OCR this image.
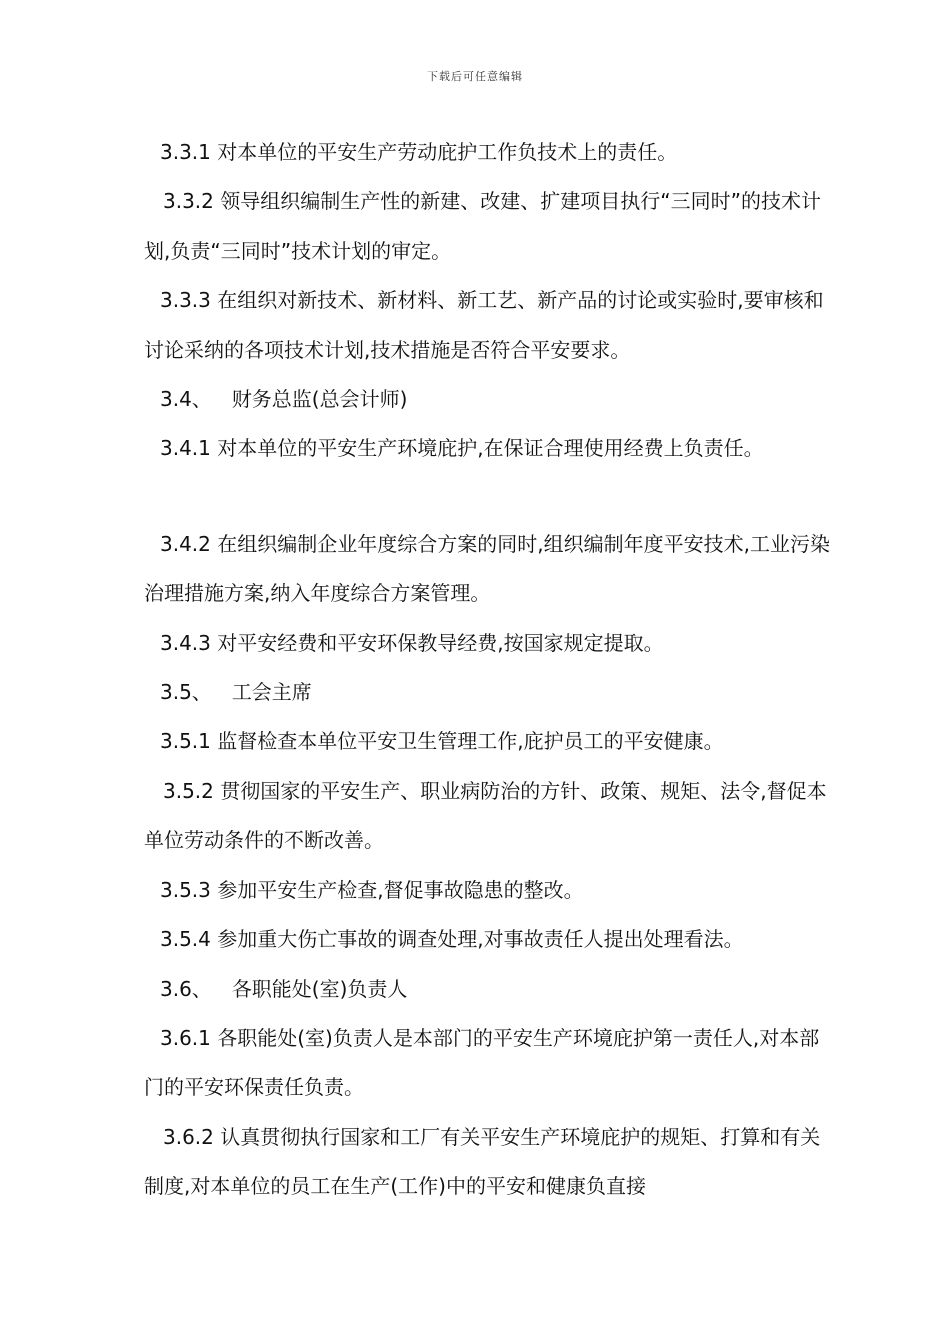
下载后可任意编辑

3.3.1 对本单位的平安生产劳动庇护工作负技术上的责任。

3.3.2 领导组织编制生产性的新建、改建、扩建项目执行“三同时”的技术计划,负责“三同时”技术计划的审定。

3.3.3 在组织对新技术、新材料、新工艺、新产品的讨论或实验时,要审核和讨论采纳的各项技术计划,技术措施是否符合平安要求。

3.4、 财务总监(总会计师)

3.4.1 对本单位的平安生产环境庇护,在保证合理使用经费上负责任。

3.4.2 在组织编制企业年度综合方案的同时,组织编制年度平安技术,工业污染治理措施方案,纳入年度综合方案管理。

3.4.3 对平安经费和平安环保教导经费,按国家规定提取。

3.5、 工会主席

3.5.1 监督检查本单位平安卫生管理工作,庇护员工的平安健康。

3.5.2 贯彻国家的平安生产、职业病防治的方针、政策、规矩、法令,督促本单位劳动条件的不断改善。

3.5.3 参加平安生产检查,督促事故隐患的整改。

3.5.4 参加重大伤亡事故的调查处理,对事故责任人提出处理看法。

3.6、 各职能处(室)负责人

3.6.1 各职能处(室)负责人是本部门的平安生产环境庇护第一责任人,对本部门的平安环保责任负责。

3.6.2 认真贯彻执行国家和工厂有关平安生产环境庇护的规矩、打算和有关制度,对本单位的员工在生产(工作)中的平安和健康负直接
